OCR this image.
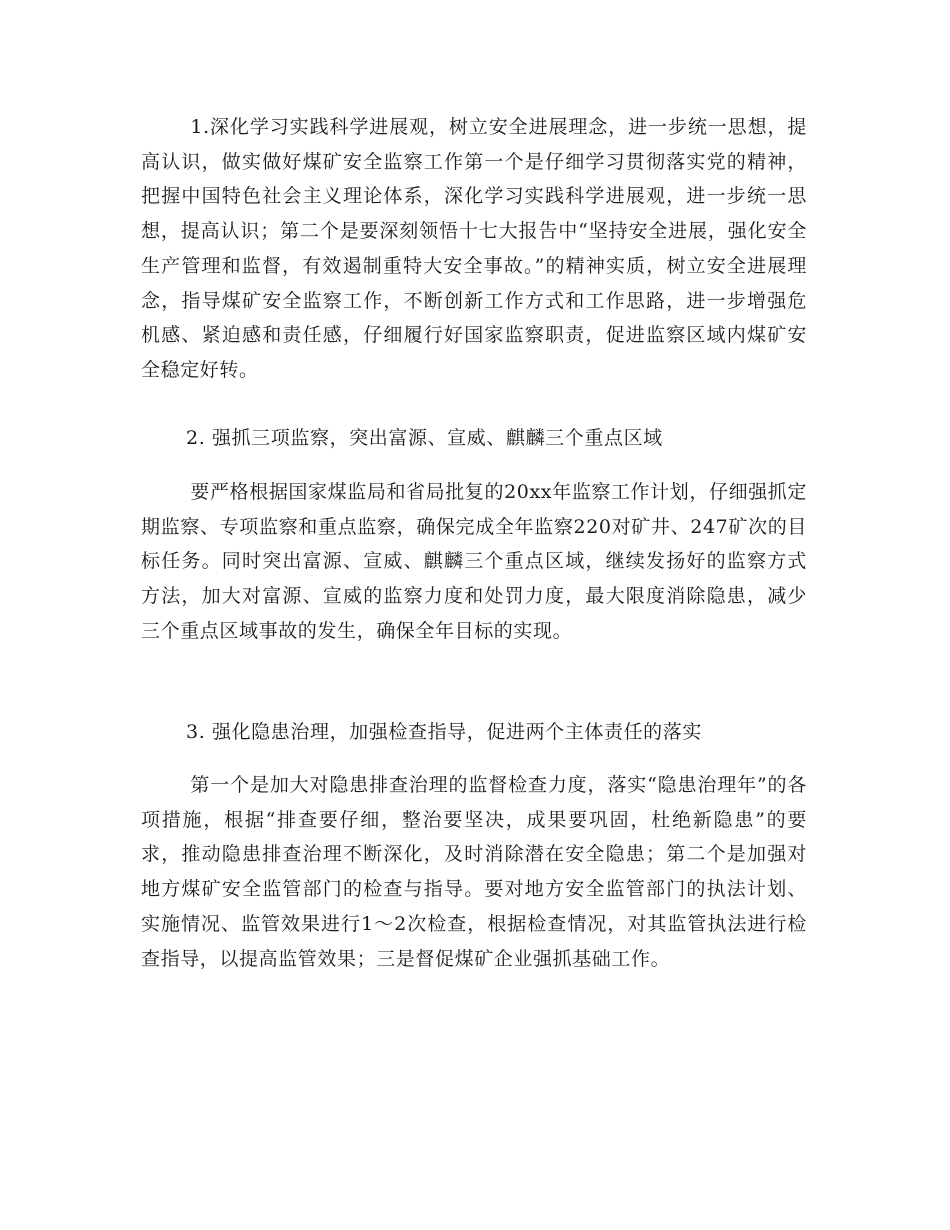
1.深化学习实践科学进展观，树立安全进展理念，进一步统一思想，提高认识，做实做好煤矿安全监察工作第一个是仔细学习贯彻落实党的精神，把握中国特色社会主义理论体系，深化学习实践科学进展观，进一步统一思想，提高认识；第二个是要深刻领悟十七大报告中“坚持安全进展，强化安全生产管理和监督，有效遏制重特大安全事故。”的精神实质，树立安全进展理念，指导煤矿安全监察工作，不断创新工作方式和工作思路，进一步增强危机感、紧迫感和责任感，仔细履行好国家监察职责，促进监察区域内煤矿安全稳定好转。

2. 强抓三项监察，突出富源、宣威、麒麟三个重点区域

要严格根据国家煤监局和省局批复的20xx年监察工作计划，仔细强抓定期监察、专项监察和重点监察，确保完成全年监察220对矿井、247矿次的目标任务。同时突出富源、宣威、麒麟三个重点区域，继续发扬好的监察方式方法，加大对富源、宣威的监察力度和处罚力度，最大限度消除隐患，减少三个重点区域事故的发生，确保全年目标的实现。

3. 强化隐患治理，加强检查指导，促进两个主体责任的落实

第一个是加大对隐患排查治理的监督检查力度，落实“隐患治理年”的各项措施，根据“排查要仔细，整治要坚决，成果要巩固，杜绝新隐患”的要求，推动隐患排查治理不断深化，及时消除潜在安全隐患；第二个是加强对地方煤矿安全监管部门的检查与指导。要对地方安全监管部门的执法计划、实施情况、监管效果进行1～2次检查，根据检查情况，对其监管执法进行检查指导，以提高监管效果；三是督促煤矿企业强抓基础工作。
